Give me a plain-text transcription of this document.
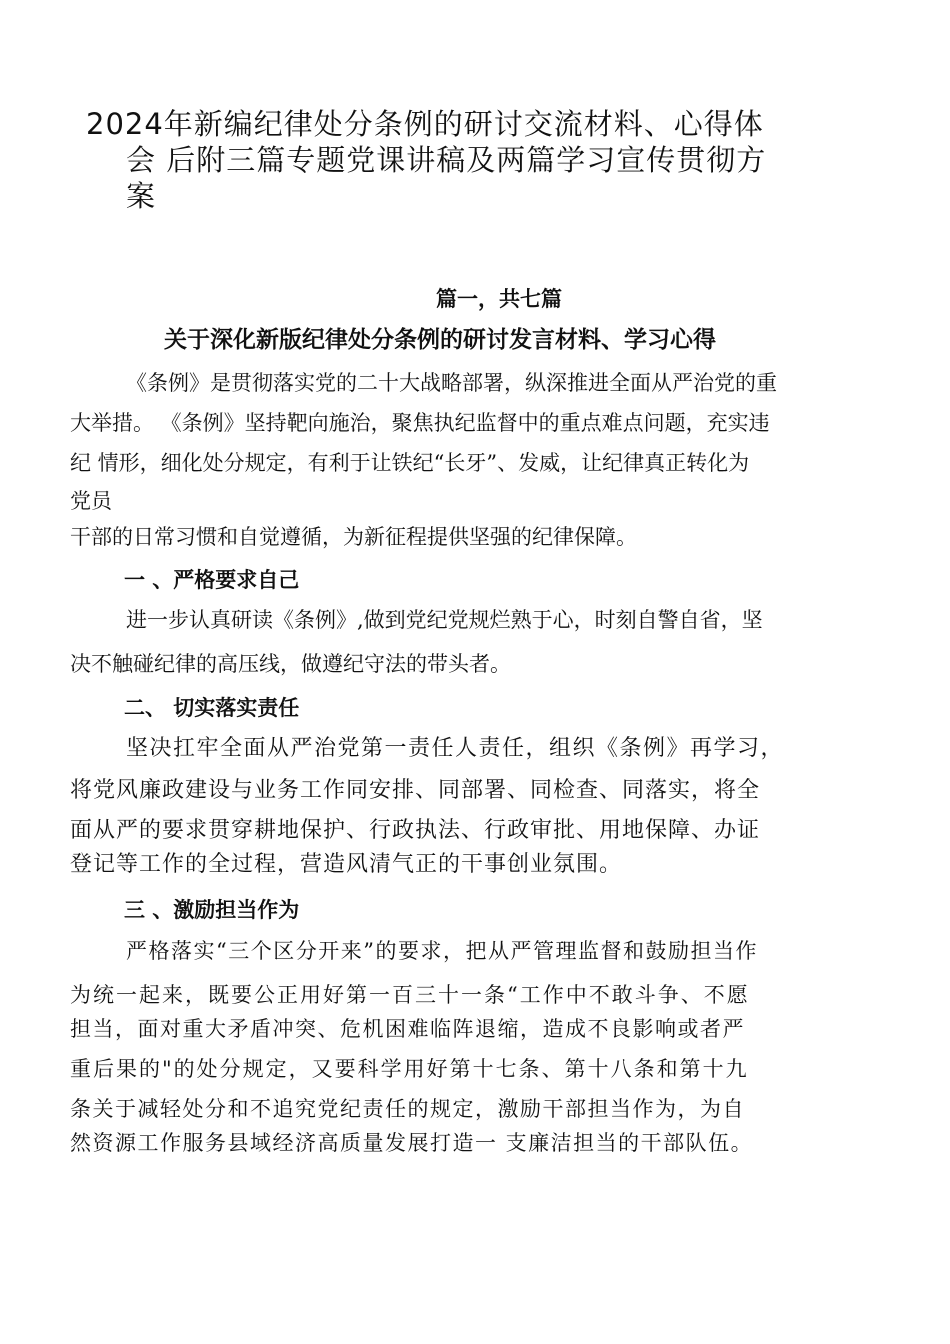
2024年新编纪律处分条例的研讨交流材料、心得体
会 后附三篇专题党课讲稿及两篇学习宣传贯彻方
案
篇一，共七篇
关于深化新版纪律处分条例的研讨发言材料、学习心得
《条例》是贯彻落实党的二十大战略部署，纵深推进全面从严治党的重
大举措。 《条例》坚持靶向施治，聚焦执纪监督中的重点难点问题，充实违
纪 情形，细化处分规定，有利于让铁纪“长牙”、发威，让纪律真正转化为
党员
干部的日常习惯和自觉遵循，为新征程提供坚强的纪律保障。
一 、严格要求自己
进一步认真研读《条例》,做到党纪党规烂熟于心，时刻自警自省，坚
决不触碰纪律的高压线，做遵纪守法的带头者。
二、 切实落实责任
坚决扛牢全面从严治党第一责任人责任，组织《条例》再学习，
将党风廉政建设与业务工作同安排、同部署、同检查、同落实，将全
面从严的要求贯穿耕地保护、行政执法、行政审批、用地保障、办证
登记等工作的全过程，营造风清气正的干事创业氛围。
三 、激励担当作为
严格落实“三个区分开来”的要求，把从严管理监督和鼓励担当作
为统一起来，既要公正用好第一百三十一条“工作中不敢斗争、不愿
担当，面对重大矛盾冲突、危机困难临阵退缩，造成不良影响或者严
重后果的"的处分规定，又要科学用好第十七条、第十八条和第十九
条关于减轻处分和不追究党纪责任的规定，激励干部担当作为，为自
然资源工作服务县域经济高质量发展打造一 支廉洁担当的干部队伍。
